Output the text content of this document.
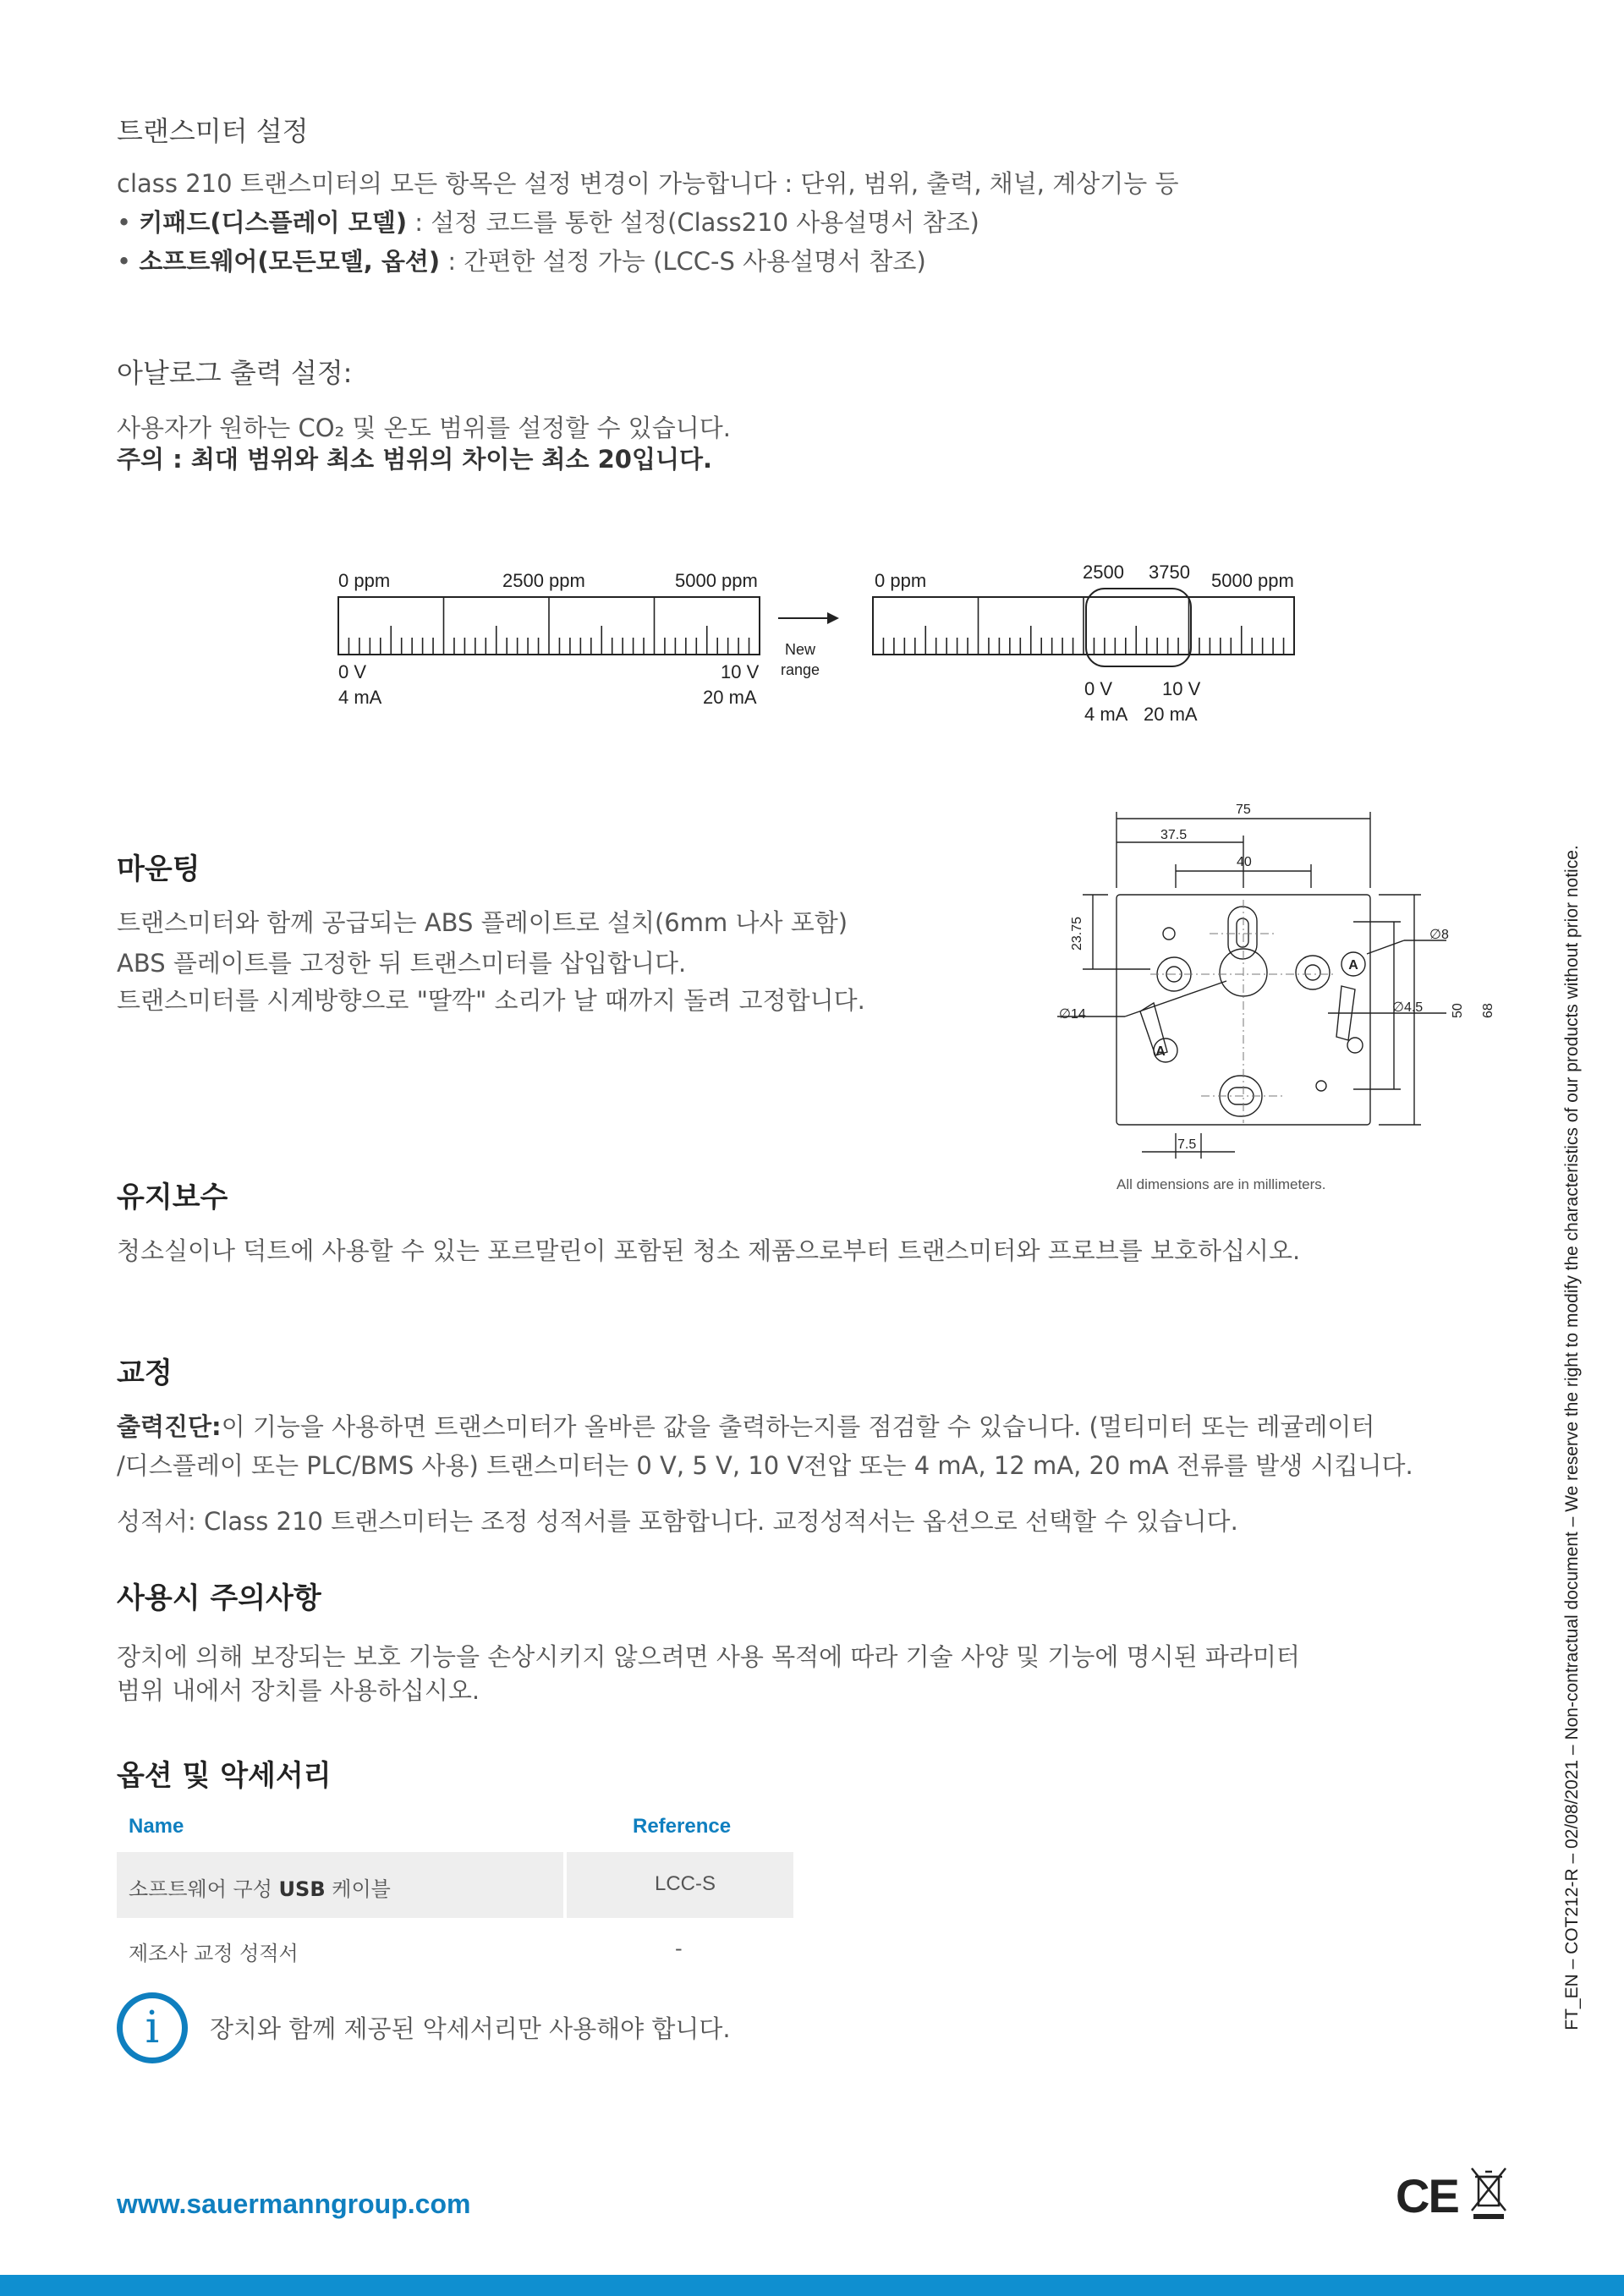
트랜스미터 설정
class 210 트랜스미터의 모든 항목은 설정 변경이 가능합니다 : 단위, 범위, 출력, 채널, 계상기능 등
• 키패드(디스플레이 모델) : 설정 코드를 통한 설정(Class210 사용설명서 참조)
• 소프트웨어(모든모델, 옵션) : 간편한 설정 가능 (LCC-S 사용설명서 참조)
아날로그 출력 설정:
사용자가 원하는 CO₂ 및 온도 범위를 설정할 수 있습니다.
주의 : 최대 범위와 최소 범위의 차이는 최소 20입니다.
0 ppm	2500 ppm	5000 ppm
0 V
4 mA
10 V
20 mA
New
range
0 ppm	2500 3750 5000 ppm
0 V
4 mA
10 V
20 mA
마운팅
트랜스미터와 함께 공급되는 ABS 플레이트로 설치(6mm 나사 포함)
ABS 플레이트를 고정한 뒤 트랜스미터를 삽입합니다.
트랜스미터를 시계방향으로 "딸깍" 소리가 날 때까지 돌려 고정합니다.
75
37.5
40
23.75	∅8
∅14	∅4.5 50 68
7.5
A
A
All dimensions are in millimeters.
유지보수
청소실이나 덕트에 사용할 수 있는 포르말린이 포함된 청소 제품으로부터 트랜스미터와 프로브를 보호하십시오.
교정
출력진단:이 기능을 사용하면 트랜스미터가 올바른 값을 출력하는지를 점검할 수 있습니다. (멀티미터 또는 레귤레이터
/디스플레이 또는 PLC/BMS 사용) 트랜스미터는 0 V, 5 V, 10 V전압 또는 4 mA, 12 mA, 20 mA 전류를 발생 시킵니다.
성적서: Class 210 트랜스미터는 조정 성적서를 포함합니다. 교정성적서는 옵션으로 선택할 수 있습니다.
사용시 주의사항
장치에 의해 보장되는 보호 기능을 손상시키지 않으려면 사용 목적에 따라 기술 사양 및 기능에 명시된 파라미터
범위 내에서 장치를 사용하십시오.
옵션 및 악세서리
Name	Reference
소프트웨어 구성 USB 케이블	LCC-S
제조사 교정 성적서	-
i 장치와 함께 제공된 악세서리만 사용해야 합니다.
www.sauermanngroup.com	CE
FT_EN – COT212-R – 02/08/2021 – Non-contractual document – We reserve the right to modify the characteristics of our products without prior notice.
